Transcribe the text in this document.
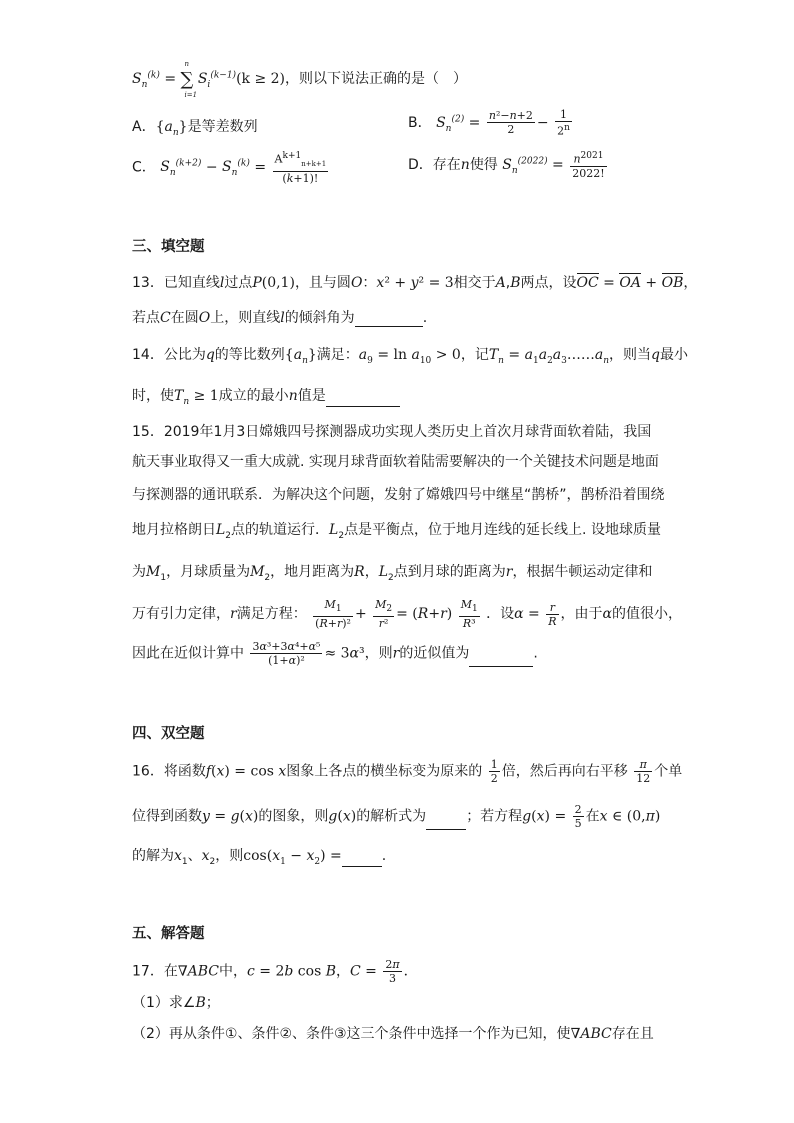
$S_n^{(k)}$ = ∑
n
i=1
$S_i^{(k-1)}(k \ge 2)$，则以下说法正确的是（　）
A．$\{a_n\}$是等差数列	B． $S_n^{(2)} = \frac{\text{n²−n+2}}{2} - \frac{1}{2^n}$
C． $S_n^{(k+2)} - S_n^{(k)} = \frac{A^{k+1}_{n+k+1}}{(k+1)!}$	D．存在n使得 $S_n^{(2022)} = \frac{n^{2021}}{2022!}$
三、填空题
13．已知直线l过点P(0,1)，且与圆O：x² + y² = 3相交于A,B两点，设OC = OA + OB，
若点C在圆O上，则直线l的倾斜角为	.
14．公比为q的等比数列$\{a_n\}$满足：$a_9 = \ln a_{10} > 0$，记$T_n$ = $a_1a_2a_3\dots\dots a_n$，则当q最小
时，使$T_n \ge 1$成立的最小n值是
15．2019年1月3日嫦娥四号探测器成功实现人类历史上首次月球背面软着陆，我国
航天事业取得又一重大成就. 实现月球背面软着陆需要解决的一个关键技术问题是地面
与探测器的通讯联系．为解决这个问题，发射了嫦娥四号中继星“鹊桥”，鹊桥沿着围绕
地月拉格朗日$L_2$点的轨道运行．$L_2$点是平衡点，位于地月连线的延长线上. 设地球质量
为$M_1$，月球质量为$M_2$，地月距离为R，$L_2$点到月球的距离为r，根据牛顿运动定律和
万有引力定律，r满足方程： $\frac{M_1}{\text{(R+r)²}} + \frac{M_2}{\text{r²}} = (R+r) \frac{M_1}{\text{R³}}$ ．设$\alpha = \frac{r}{R}$ ，由于α的值很小，
因此在近似计算中 $\frac{\text{3α³+3α⁴+α⁵}}{\text{(1+α)²}} \approx 3\alpha^3$，则r的近似值为	.
四、双空题
16．将函数f(x) = cos x图象上各点的横坐标变为原来的 $\frac{1}{2}$ 倍，然后再向右平移 $\frac{\pi}{12}$ 个单
位得到函数y = g(x)的图象，则g(x)的解析式为	；若方程$g(x) = \frac{2}{5}$ 在x ∈ (0,π)
的解为$x_1$、$x_2$，则$\cos(x_1 - x_2)$ =	.
五、解答题
17．在∇ABC中，c = 2b cos B，$C = \frac{2\pi}{3}$ ．
（1）求∠B；
（2）再从条件①、条件②、条件③这三个条件中选择一个作为已知，使∇ABC存在且
